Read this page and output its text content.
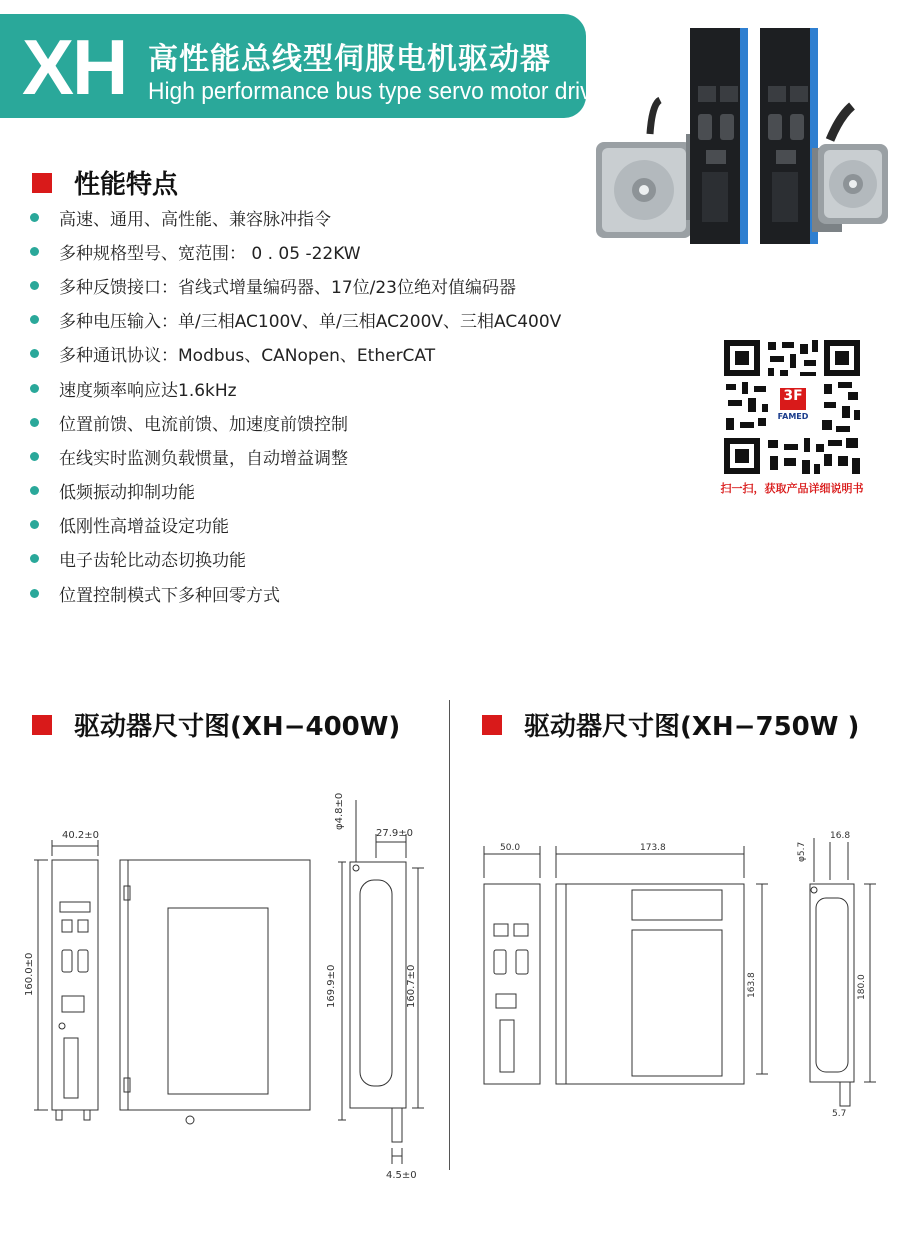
XH 高性能总线型伺服电机驱动器
High performance bus type servo motor driver
性能特点
高速、通用、高性能、兼容脉冲指令
多种规格型号、宽范围： 0 . 05 -22KW
多种反馈接口：省线式增量编码器、17位/23位绝对值编码器
多种电压输入：单/三相AC100V、单/三相AC200V、三相AC400V
多种通讯协议：Modbus、CANopen、EtherCAT
速度频率响应达1.6kHz
位置前馈、电流前馈、加速度前馈控制
在线实时监测负载惯量，自动增益调整
低频振动抑制功能
低刚性高增益设定功能
电子齿轮比动态切换功能
位置控制模式下多种回零方式
3F
FAMED
扫一扫，获取产品详细说明书
驱动器尺寸图(XH−400W)	驱动器尺寸图(XH−750W )
40.2±0
160.0±0
φ4.8±0
27.9±0
169.9±0	160.7±0
4.5±0
50.0	173.8	φ5.7
16.8
163.8	180.0
5.7
